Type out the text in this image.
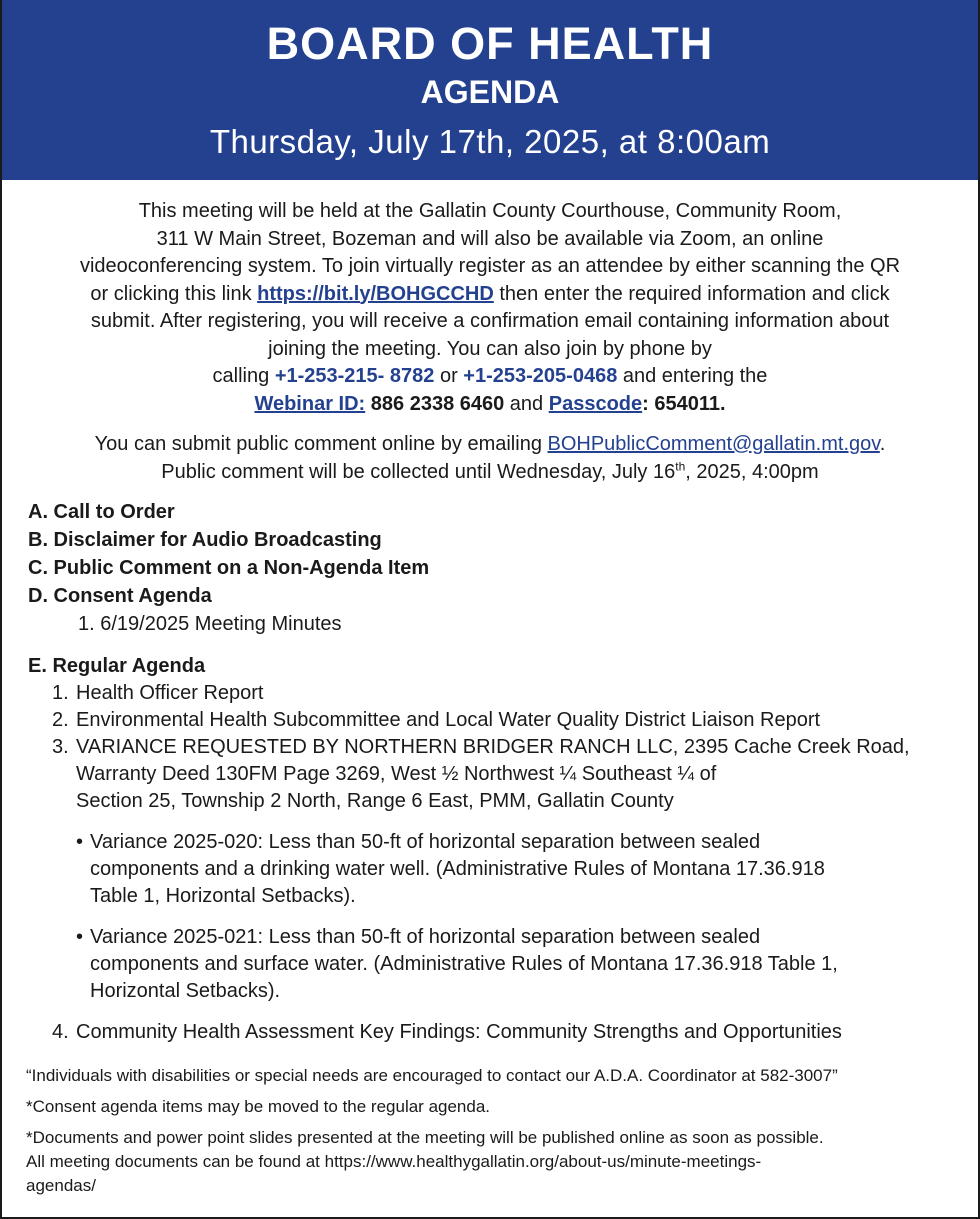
BOARD OF HEALTH
AGENDA
Thursday, July 17th, 2025, at 8:00am
This meeting will be held at the Gallatin County Courthouse, Community Room,
311 W Main Street, Bozeman and will also be available via Zoom, an online
videoconferencing system. To join virtually register as an attendee by either scanning the QR
or clicking this link https://bit.ly/BOHGCCHD then enter the required information and click
submit. After registering, you will receive a confirmation email containing information about
joining the meeting. You can also join by phone by
calling +1-253-215- 8782 or +1-253-205-0468 and entering the
Webinar ID: 886 2338 6460 and Passcode: 654011.
You can submit public comment online by emailing BOHPublicComment@gallatin.mt.gov.
Public comment will be collected until Wednesday, July 16th, 2025, 4:00pm
A. Call to Order
B. Disclaimer for Audio Broadcasting
C. Public Comment on a Non-Agenda Item
D. Consent Agenda
1. 6/19/2025 Meeting Minutes
E. Regular Agenda
1. Health Officer Report
2. Environmental Health Subcommittee and Local Water Quality District Liaison Report
3. VARIANCE REQUESTED BY NORTHERN BRIDGER RANCH LLC, 2395 Cache Creek Road,
Warranty Deed 130FM Page 3269, West ½ Northwest ¼ Southeast ¼ of
Section 25, Township 2 North, Range 6 East, PMM, Gallatin County
• Variance 2025-020: Less than 50-ft of horizontal separation between sealed
components and a drinking water well. (Administrative Rules of Montana 17.36.918
Table 1, Horizontal Setbacks).
• Variance 2025-021: Less than 50-ft of horizontal separation between sealed
components and surface water. (Administrative Rules of Montana 17.36.918 Table 1,
Horizontal Setbacks).
4. Community Health Assessment Key Findings: Community Strengths and Opportunities
“Individuals with disabilities or special needs are encouraged to contact our A.D.A. Coordinator at 582-3007”
*Consent agenda items may be moved to the regular agenda.
*Documents and power point slides presented at the meeting will be published online as soon as possible.
All meeting documents can be found at https://www.healthygallatin.org/about-us/minute-meetings-
agendas/
